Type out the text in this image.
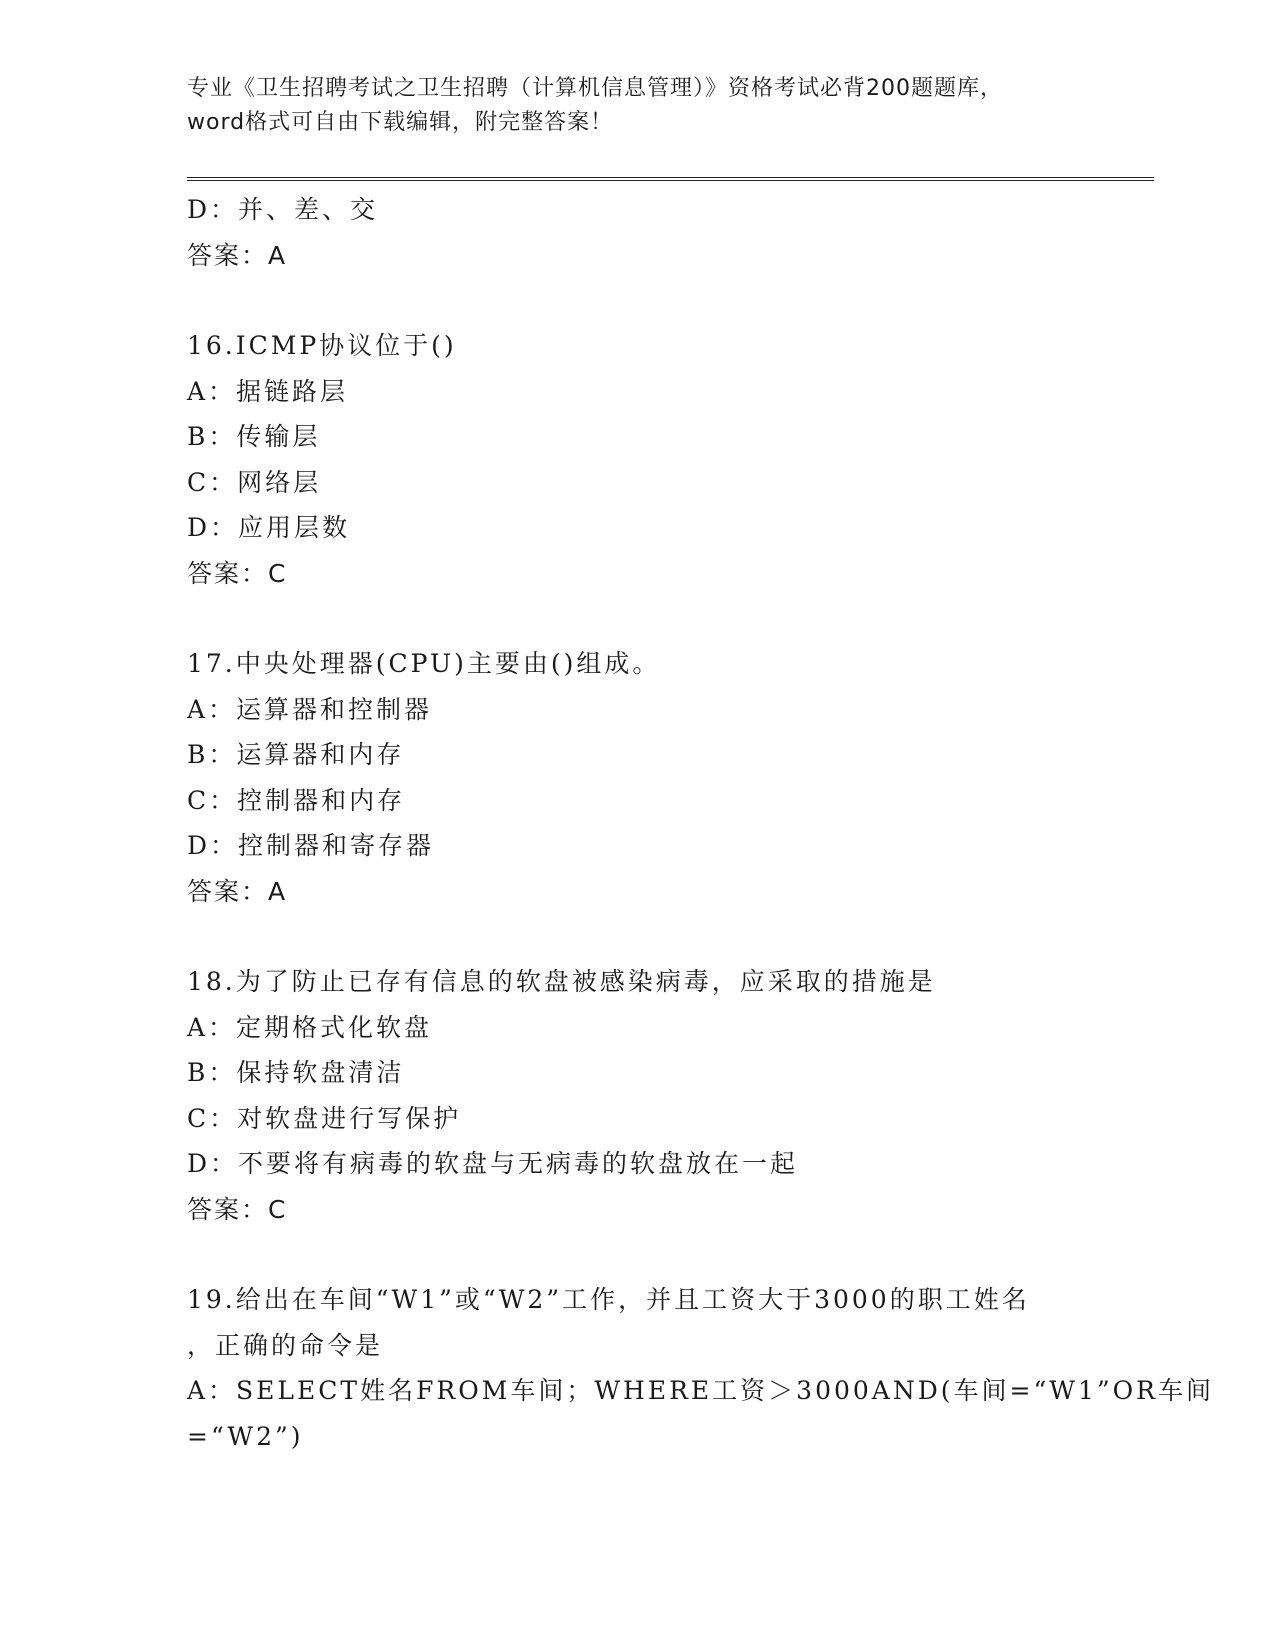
专业《卫生招聘考试之卫生招聘（计算机信息管理）》资格考试必背200题题库，
word格式可自由下载编辑，附完整答案！
D：并、差、交
答案：A
16.ICMP协议位于()
A：据链路层
B：传输层
C：网络层
D：应用层数
答案：C
17.中央处理器(CPU)主要由()组成。
A：运算器和控制器
B：运算器和内存
C：控制器和内存
D：控制器和寄存器
答案：A
18.为了防止已存有信息的软盘被感染病毒，应采取的措施是
A：定期格式化软盘
B：保持软盘清洁
C：对软盘进行写保护
D：不要将有病毒的软盘与无病毒的软盘放在一起
答案：C
19.给出在车间“W1”或“W2”工作，并且工资大于3000的职工姓名
，正确的命令是
A：SELECT姓名FROM车间；WHERE工资＞3000AND(车间=“W1”OR车间
=“W2”)
